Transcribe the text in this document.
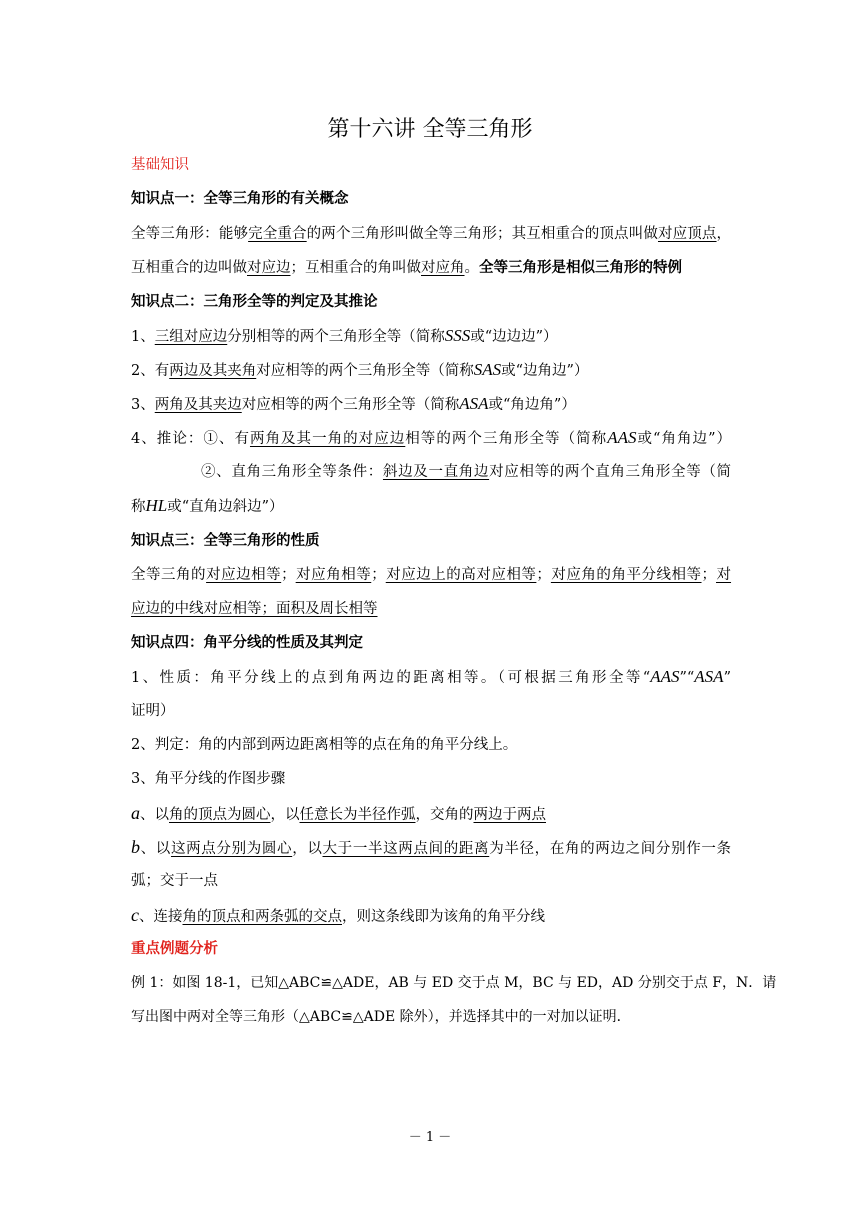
第十六讲 全等三角形
基础知识
知识点一：全等三角形的有关概念
全等三角形：能够完全重合的两个三角形叫做全等三角形；其互相重合的顶点叫做对应顶点，
互相重合的边叫做对应边；互相重合的角叫做对应角。全等三角形是相似三角形的特例
知识点二：三角形全等的判定及其推论
1、三组对应边分别相等的两个三角形全等（简称SSS或“边边边”）
2、有两边及其夹角对应相等的两个三角形全等（简称SAS或“边角边”）
3、两角及其夹边对应相等的两个三角形全等（简称ASA或“角边角”）
4、推论：①、有两角及其一角的对应边相等的两个三角形全等（简称AAS或“角角边”）
②、直角三角形全等条件：斜边及一直角边对应相等的两个直角三角形全等（简
称HL或“直角边斜边”）
知识点三：全等三角形的性质
全等三角的对应边相等；对应角相等；对应边上的高对应相等；对应角的角平分线相等；对
应边的中线对应相等；面积及周长相等
知识点四：角平分线的性质及其判定
1、性质：角平分线上的点到角两边的距离相等。（可根据三角形全等“AAS”“ASA”
证明）
2、判定：角的内部到两边距离相等的点在角的角平分线上。
3、角平分线的作图步骤
a、以角的顶点为圆心，以任意长为半径作弧，交角的两边于两点
b、以这两点分别为圆心，以大于一半这两点间的距离为半径，在角的两边之间分别作一条
弧；交于一点
c、连接角的顶点和两条弧的交点，则这条线即为该角的角平分线
重点例题分析
例 1：如图 18-1，已知△ABC≌△ADE，AB 与 ED 交于点 M，BC 与 ED，AD 分别交于点 F，N．请
写出图中两对全等三角形（△ABC≌△ADE 除外），并选择其中的一对加以证明．
－ 1 －
